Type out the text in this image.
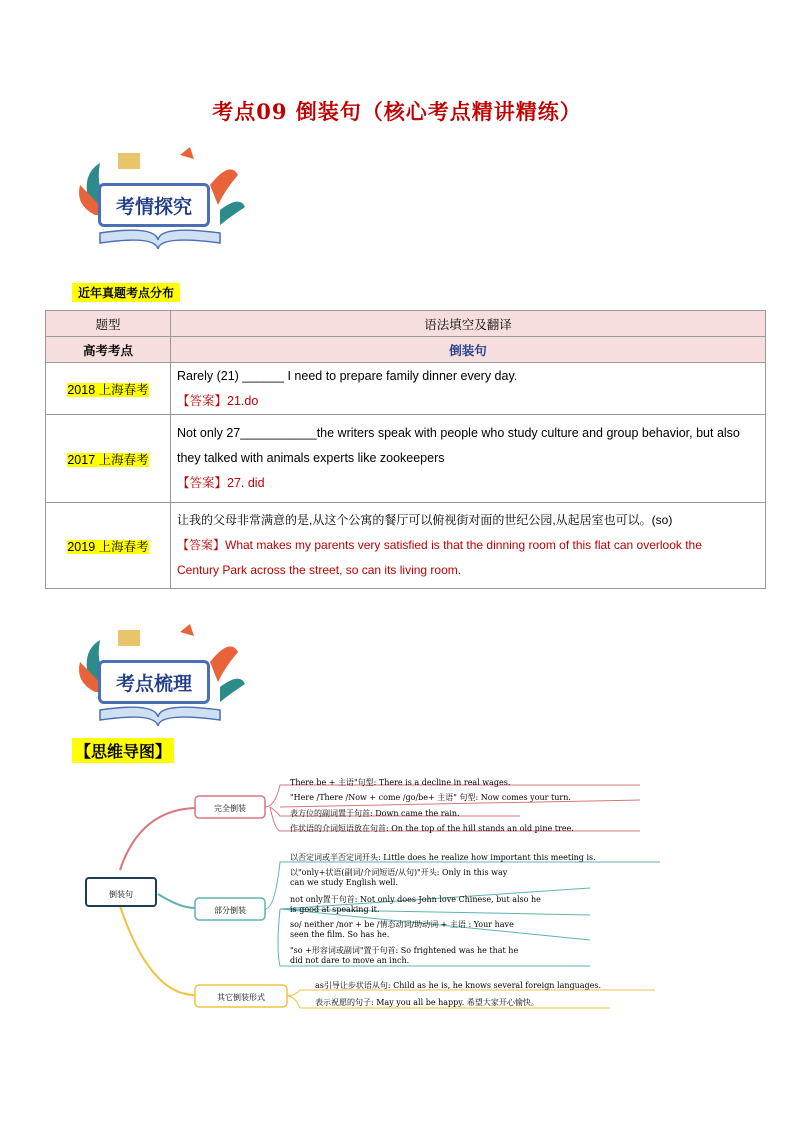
考点09 倒装句（核心考点精讲精练）
考情探究
近年真题考点分布
题型	语法填空及翻译
高考考点	倒装句
2018 上海春考	Rarely (21) ______ I need to prepare family dinner every day.
【答案】21.do

2017 上海春考	Not only 27___________the writers speak with people who study culture and group behavior, but also
they talked with animals experts like zookeepers
【答案】27. did

2019 上海春考	让我的父母非常满意的是,从这个公寓的餐厅可以俯视街对面的世纪公园,从起居室也可以。(so)
【答案】What makes my parents very satisfied is that the dinning room of this flat can overlook the
Century Park across the street, so can its living room.
考点梳理
【思维导图】
倒装句
完全倒装
There be + 主语"句型: There is a decline in real wages.
"Here /There /Now + come /go/be+ 主语" 句型: Now comes your turn.
表方位的副词置于句首: Down came the rain.
作状语的介词短语放在句首: On the top of the hill stands an old pine tree.
部分倒装
以否定词或半否定词开头: Little does he realize how important this meeting is.
以"only+状语(副词/介词短语/从句)"开头: Only in this way
can we study English well.
not only置于句首: Not only does John love Chinese, but also he
is good at speaking it.
so/ neither /nor + be /情态动词/助动词 + 主语 : Your have
seen the film. So has he.
"so +形容词或副词"置于句首: So frightened was he that he
did not dare to move an inch.
其它倒装形式
as引导让步状语从句: Child as he is, he knows several foreign languages.
表示祝愿的句子: May you all be happy. 希望大家开心愉快。
